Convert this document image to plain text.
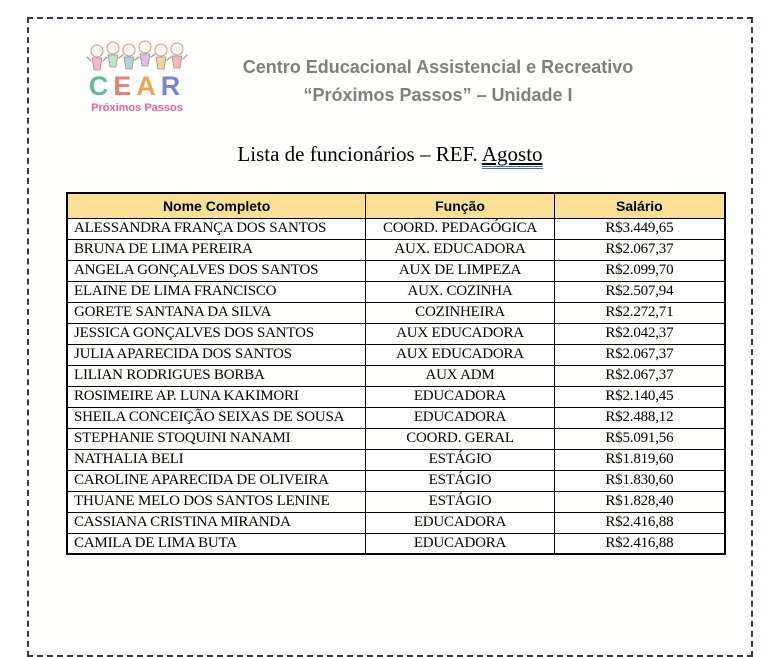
CEAR
Próximos Passos
Centro Educacional Assistencial e Recreativo
“Próximos Passos” – Unidade I
Lista de funcionários – REF. Agosto
Nome Completo	Função	Salário
ALESSANDRA FRANÇA DOS SANTOS	COORD. PEDAGÓGICA	R$3.449,65
BRUNA DE LIMA PEREIRA	AUX. EDUCADORA	R$2.067,37
ANGELA GONÇALVES DOS SANTOS	AUX DE LIMPEZA	R$2.099,70
ELAINE DE LIMA FRANCISCO	AUX. COZINHA	R$2.507,94
GORETE SANTANA DA SILVA	COZINHEIRA	R$2.272,71
JESSICA GONÇALVES DOS SANTOS	AUX EDUCADORA	R$2.042,37
JULIA APARECIDA DOS SANTOS	AUX EDUCADORA	R$2.067,37
LILIAN RODRIGUES BORBA	AUX ADM	R$2.067,37
ROSIMEIRE AP. LUNA KAKIMORI	EDUCADORA	R$2.140,45
SHEILA CONCEIÇÃO SEIXAS DE SOUSA	EDUCADORA	R$2.488,12
STEPHANIE STOQUINI NANAMI	COORD. GERAL	R$5.091,56
NATHALIA BELI	ESTÁGIO	R$1.819,60
CAROLINE APARECIDA DE OLIVEIRA	ESTÁGIO	R$1.830,60
THUANE MELO DOS SANTOS LENINE	ESTÁGIO	R$1.828,40
CASSIANA CRISTINA MIRANDA	EDUCADORA	R$2.416,88
CAMILA DE LIMA BUTA	EDUCADORA	R$2.416,88
